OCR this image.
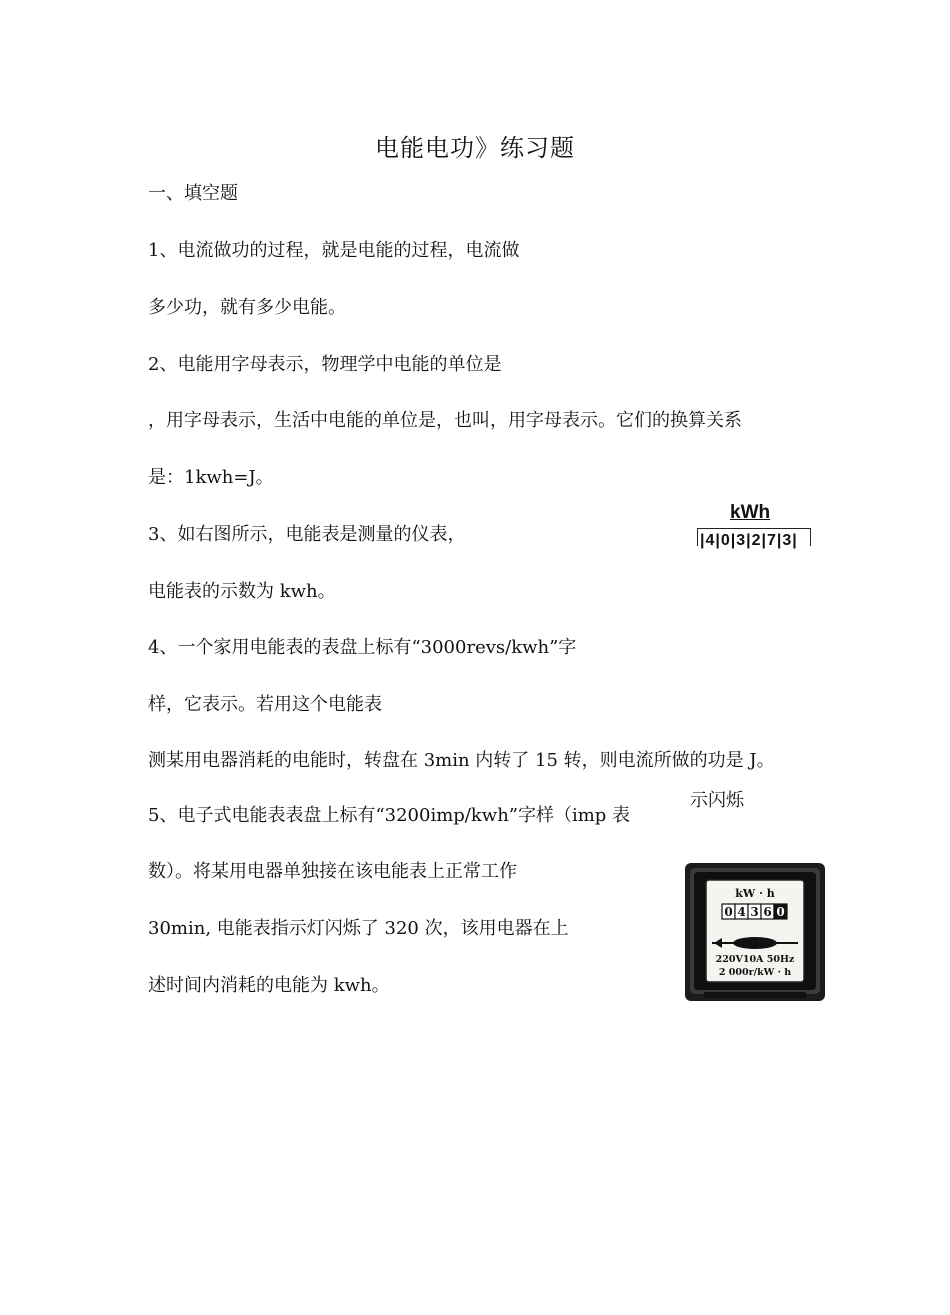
电能电功》练习题
一、填空题
1、电流做功的过程，就是电能的过程，电流做
多少功，就有多少电能。
2、电能用字母表示，物理学中电能的单位是
，用字母表示，生活中电能的单位是，也叫，用字母表示。它们的换算关系
是：1kwh=J。
3、如右图所示，电能表是测量的仪表，
电能表的示数为 kwh。
4、一个家用电能表的表盘上标有“3000revs/kwh”字
样，它表示。若用这个电能表
测某用电器消耗的电能时，转盘在 3min 内转了 15 转，则电流所做的功是 J。
5、电子式电能表表盘上标有“3200imp/kwh”字样（imp 表
数）。将某用电器单独接在该电能表上正常工作
30min, 电能表指示灯闪烁了 320 次，该用电器在上
述时间内消耗的电能为 kwh。
kWh
|4|0|3|2|7|3|
示闪烁
kW · h
0 4 3 6 0
220V10A 50Hz
2 000r/kW · h
